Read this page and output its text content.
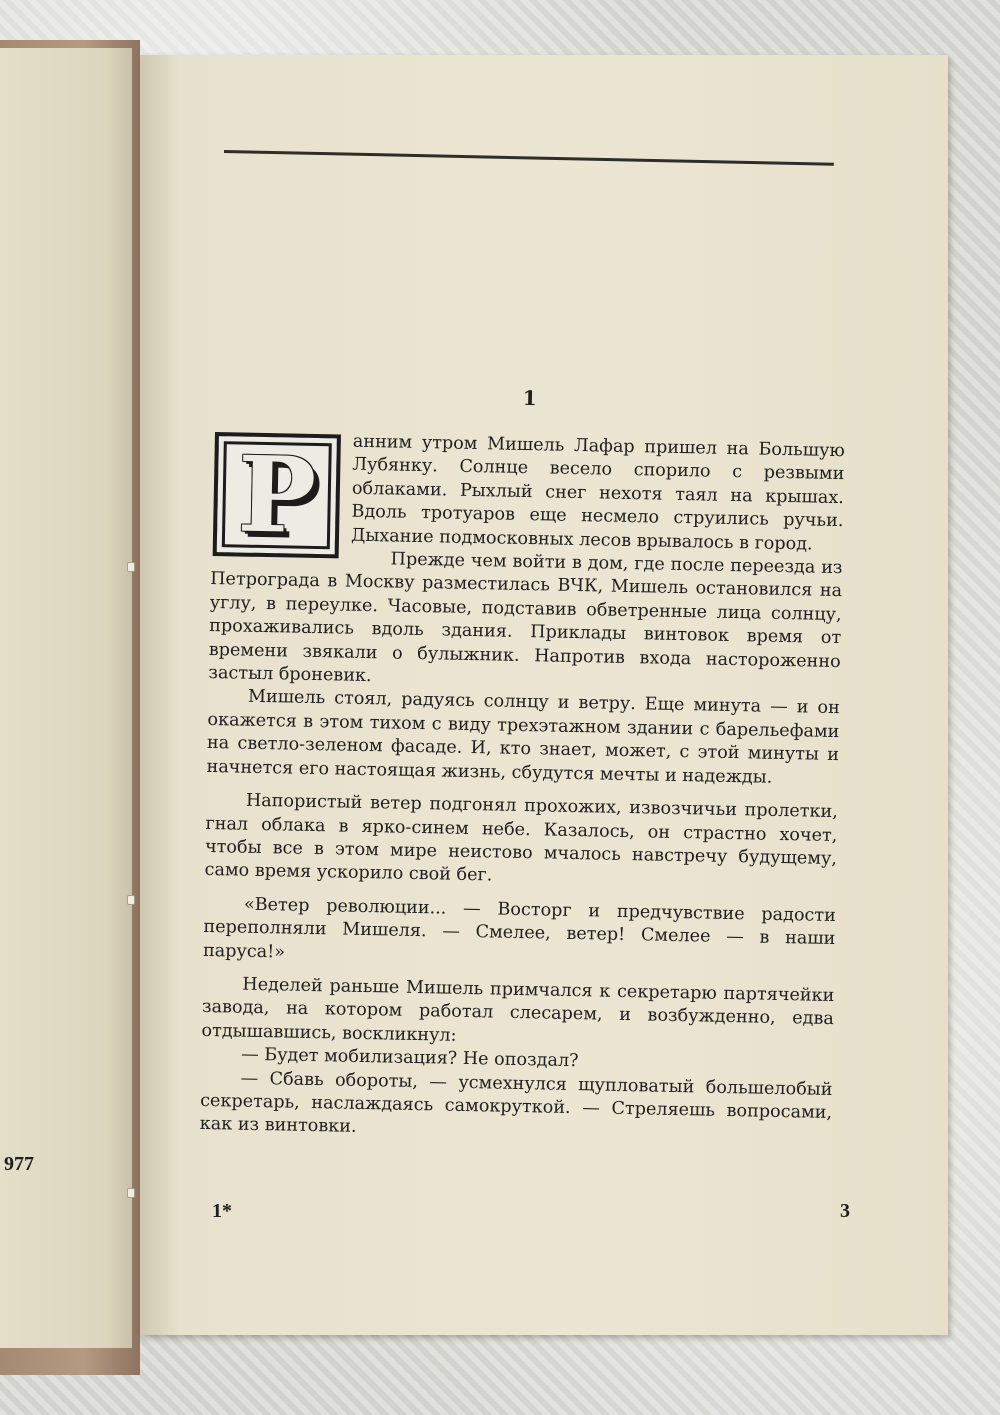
977

1
Р	анним утром Мишель Лафар пришел на Большую Лубянку. Солнце весело спорило с резвыми облаками. Рыхлый снег нехотя таял на крышах. Вдоль тротуаров еще несмело струились ручьи. Дыхание подмосковных лесов врывалось в город.

Прежде чем войти в дом, где после переезда из Петрограда в Москву разместилась ВЧК, Мишель остановился на углу, в переулке. Часовые, подставив обветренные лица солнцу, прохаживались вдоль здания. Приклады винтовок время от времени звякали о булыжник. Напротив входа настороженно застыл броневик.

Мишель стоял, радуясь солнцу и ветру. Еще минута — и он окажется в этом тихом с виду трехэтажном здании с барельефами на светло-зеленом фасаде. И, кто знает, может, с этой минуты и начнется его настоящая жизнь, сбудутся мечты и надежды.

Напористый ветер подгонял прохожих, извозчичьи пролетки, гнал облака в ярко-синем небе. Казалось, он страстно хочет, чтобы все в этом мире неистово мчалось навстречу будущему, само время ускорило свой бег.

«Ветер революции... — Восторг и предчувствие радости переполняли Мишеля. — Смелее, ветер! Смелее — в наши паруса!»

Неделей раньше Мишель примчался к секретарю партячейки завода, на котором работал слесарем, и возбужденно, едва отдышавшись, воскликнул:

— Будет мобилизация? Не опоздал?

— Сбавь обороты, — усмехнулся щупловатый большелобый секретарь, наслаждаясь самокруткой. — Стреляешь вопросами, как из винтовки.

1*	3
